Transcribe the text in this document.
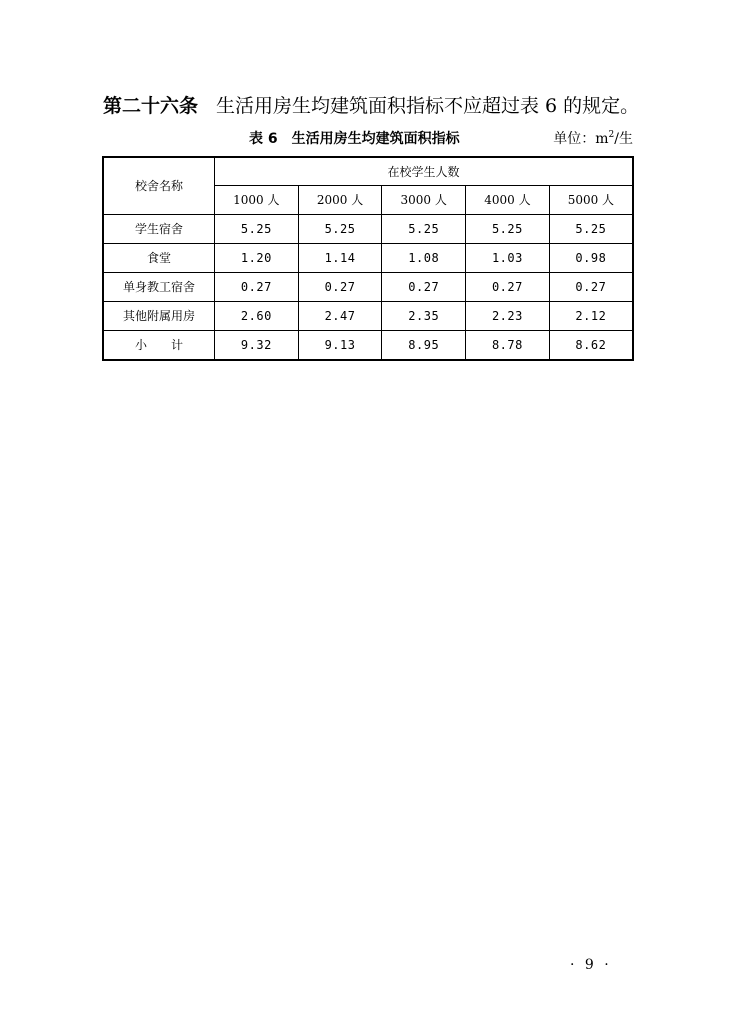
第二十六条 生活用房生均建筑面积指标不应超过表 6 的规定。
表 6 生活用房生均建筑面积指标	单位：$m^2/$生
校舍名称	在校学生人数				
	1000 人	2000 人	3000 人	4000 人	5000 人
学生宿舍	5.25	5.25	5.25	5.25	5.25
食堂	1.20	1.14	1.08	1.03	0.98
单身教工宿舍	0.27	0.27	0.27	0.27	0.27
其他附属用房	2.60	2.47	2.35	2.23	2.12
小　　计	9.32	9.13	8.95	8.78	8.62
· 9 ·
